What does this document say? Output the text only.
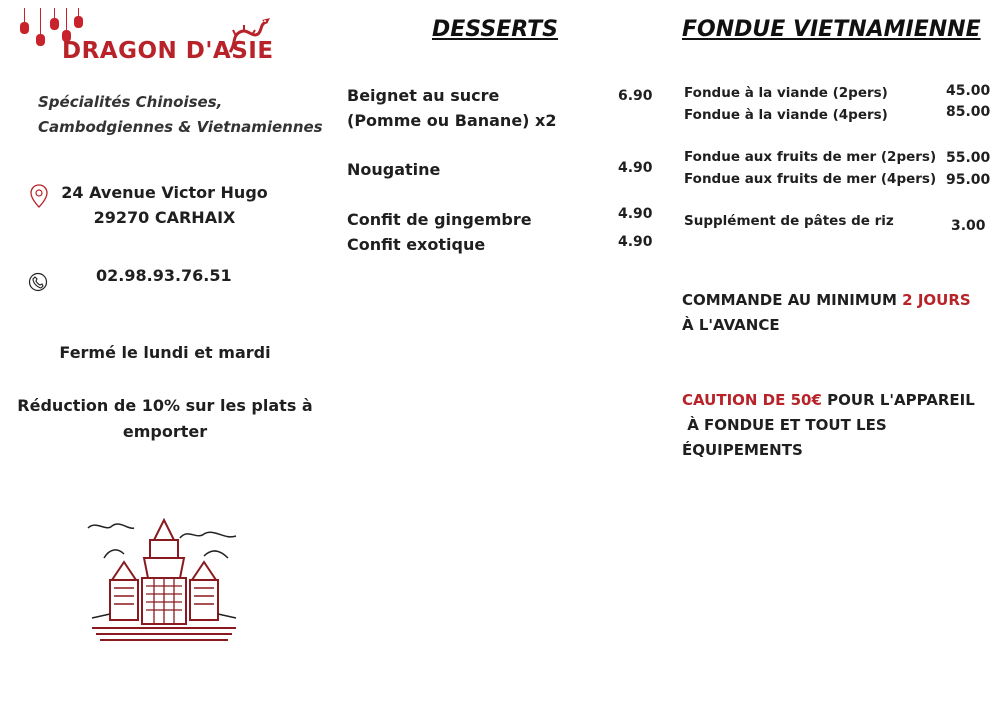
DRAGON D'ASIE
Spécialités Chinoises,
Cambodgiennes & Vietnamiennes
24 Avenue Victor Hugo
29270 CARHAIX
02.98.93.76.51
Fermé le lundi et mardi
Réduction de 10% sur les plats à emporter
DESSERTS
Beignet au sucre
(Pomme ou Banane) x2
6.90
Nougatine	4.90
Confit de gingembre	4.90
Confit exotique	4.90
FONDUE VIETNAMIENNE
Fondue à la viande (2pers)	45.00
Fondue à la viande (4pers)	85.00
Fondue aux fruits de mer (2pers) 55.00
Fondue aux fruits de mer (4pers) 95.00
Supplément de pâtes de riz	3.00
COMMANDE AU MINIMUM 2 JOURS
À L'AVANCE
CAUTION DE 50€ POUR L'APPAREIL
À FONDUE ET TOUT LES
ÉQUIPEMENTS
